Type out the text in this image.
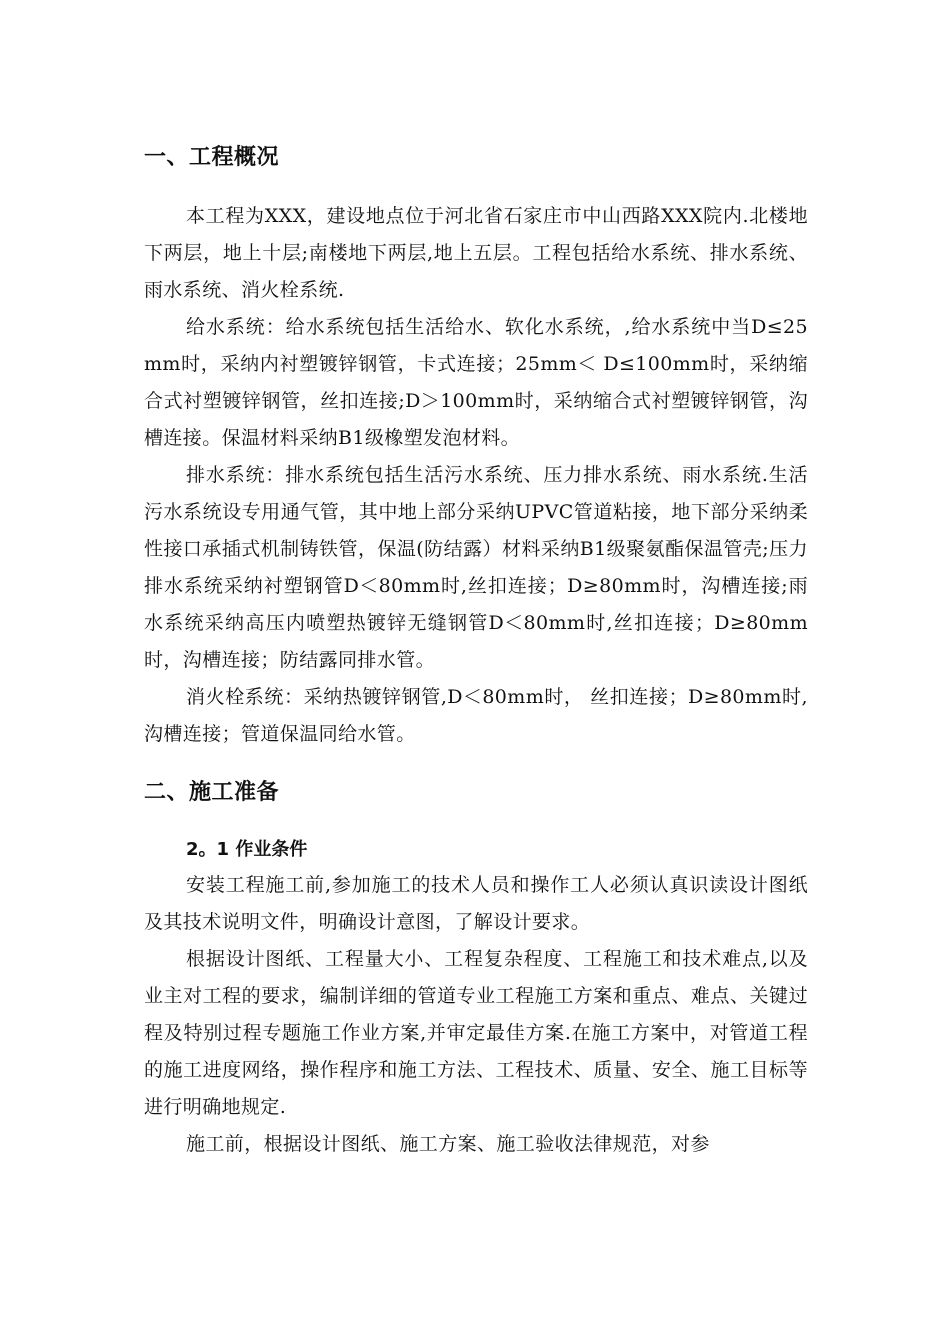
一、工程概况

本工程为XXX，建设地点位于河北省石家庄市中山西路XXX院内.北楼地下两层，地上十层;南楼地下两层,地上五层。工程包括给水系统、排水系统、雨水系统、消火栓系统.

给水系统：给水系统包括生活给水、软化水系统，,给水系统中当D≤25mm时，采纳内衬塑镀锌钢管，卡式连接；25mm＜ D≤100mm时，采纳缩合式衬塑镀锌钢管，丝扣连接;D＞100mm时，采纳缩合式衬塑镀锌钢管，沟槽连接。保温材料采纳B1级橡塑发泡材料。

排水系统：排水系统包括生活污水系统、压力排水系统、雨水系统.生活污水系统设专用通气管，其中地上部分采纳UPVC管道粘接，地下部分采纳柔性接口承插式机制铸铁管，保温(防结露）材料采纳B1级聚氨酯保温管壳;压力排水系统采纳衬塑钢管D＜80mm时,丝扣连接；D≥80mm时，沟槽连接;雨水系统采纳高压内喷塑热镀锌无缝钢管D＜80mm时,丝扣连接；D≥80mm时，沟槽连接；防结露同排水管。

消火栓系统：采纳热镀锌钢管,D＜80mm时， 丝扣连接；D≥80mm时,沟槽连接；管道保温同给水管。

二、施工准备
2。1 作业条件

安装工程施工前,参加施工的技术人员和操作工人必须认真识读设计图纸及其技术说明文件，明确设计意图，了解设计要求。

根据设计图纸、工程量大小、工程复杂程度、工程施工和技术难点,以及业主对工程的要求，编制详细的管道专业工程施工方案和重点、难点、关键过程及特别过程专题施工作业方案,并审定最佳方案.在施工方案中，对管道工程的施工进度网络，操作程序和施工方法、工程技术、质量、安全、施工目标等进行明确地规定.

施工前，根据设计图纸、施工方案、施工验收法律规范，对参
